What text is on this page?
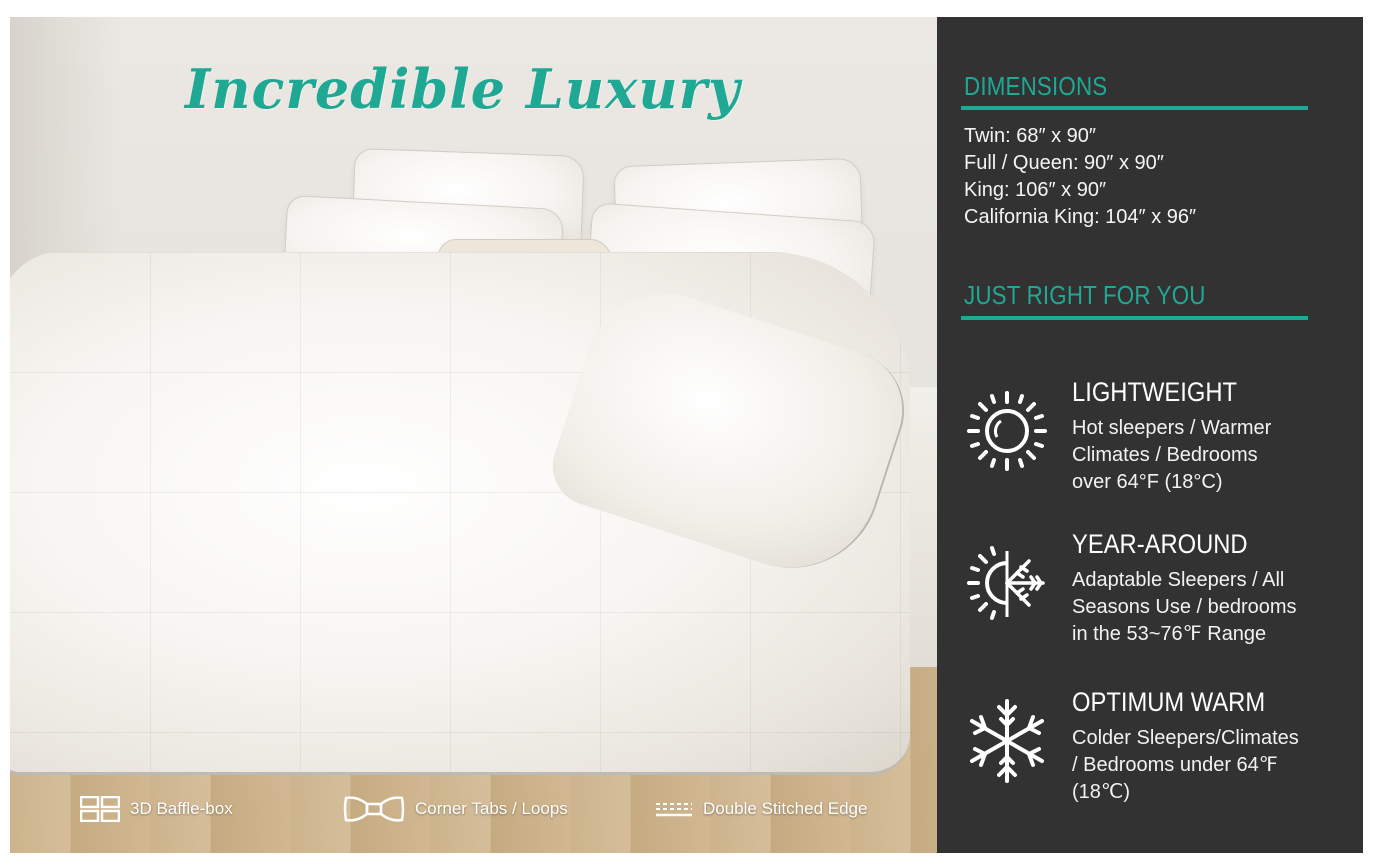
Incredible Luxury
3D Baffle-box	Corner Tabs / Loops	Double Stitched Edge
DIMENSIONS
Twin: 68″ x 90″
Full / Queen: 90″ x 90″
King: 106″ x 90″
California King: 104″ x 96″
JUST RIGHT FOR YOU
LIGHTWEIGHT
Hot sleepers / Warmer
Climates / Bedrooms
over 64°F (18°C)
YEAR-AROUND
Adaptable Sleepers / All
Seasons Use / bedrooms
in the 53~76℉ Range
OPTIMUM WARM
Colder Sleepers/Climates
/ Bedrooms under 64℉
(18℃)
